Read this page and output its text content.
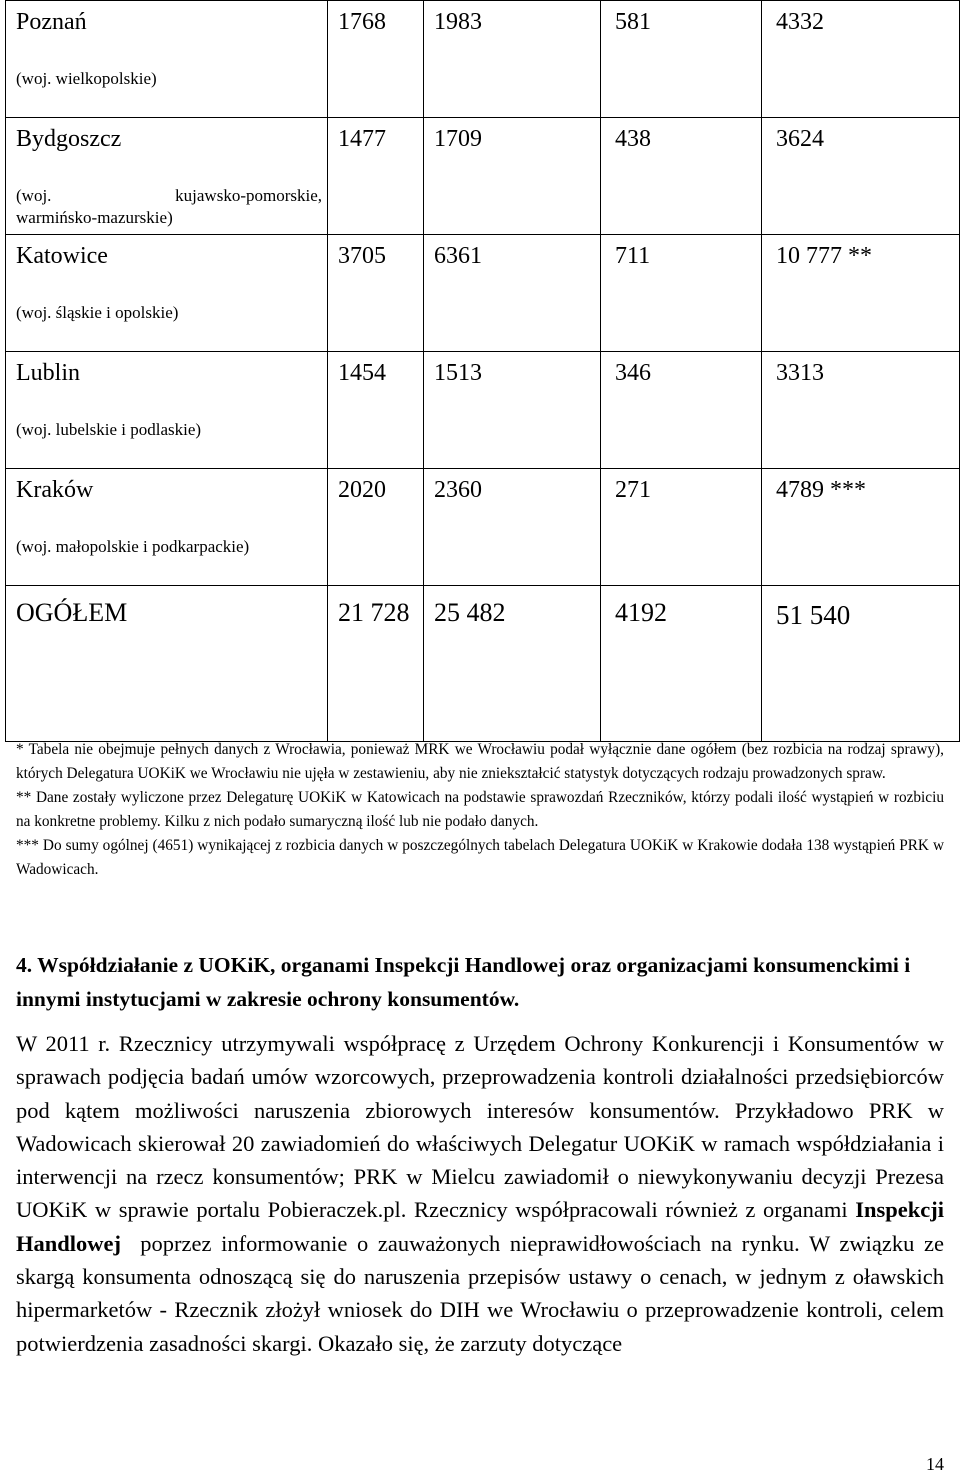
Poznań
(woj. wielkopolskie)	1768	1983	581	4332

Bydgoszcz
(woj. kujawsko-pomorskie,
warmińsko-mazurskie)	1477	1709	438	3624

Katowice
(woj. śląskie i opolskie)	3705	6361	711	10 777 **

Lublin
(woj. lubelskie i podlaskie)	1454	1513	346	3313

Kraków
(woj. małopolskie i podkarpackie)	2020	2360	271	4789 ***

OGÓŁEM	21 728	25 482	4192	51 540

* Tabela nie obejmuje pełnych danych z Wrocławia, ponieważ MRK we Wrocławiu podał wyłącznie dane ogółem (bez rozbicia na rodzaj sprawy), których Delegatura UOKiK we Wrocławiu nie ujęła w zestawieniu, aby nie zniekształcić statystyk dotyczących rodzaju prowadzonych spraw.

** Dane zostały wyliczone przez Delegaturę UOKiK w Katowicach na podstawie sprawozdań Rzeczników, którzy podali ilość wystąpień w rozbiciu na konkretne problemy. Kilku z nich podało sumaryczną ilość lub nie podało danych.

*** Do sumy ogólnej (4651) wynikającej z rozbicia danych w poszczególnych tabelach Delegatura UOKiK w Krakowie dodała 138 wystąpień PRK w Wadowicach.

4. Współdziałanie z UOKiK, organami Inspekcji Handlowej oraz organizacjami konsumenckimi i innymi instytucjami w zakresie ochrony konsumentów.

W 2011 r. Rzecznicy utrzymywali współpracę z Urzędem Ochrony Konkurencji i Konsumentów w sprawach podjęcia badań umów wzorcowych, przeprowadzenia kontroli działalności przedsiębiorców pod kątem możliwości naruszenia zbiorowych interesów konsumentów. Przykładowo PRK w Wadowicach skierował 20 zawiadomień do właściwych Delegatur UOKiK w ramach współdziałania i interwencji na rzecz konsumentów; PRK w Mielcu zawiadomił o niewykonywaniu decyzji Prezesa UOKiK w sprawie portalu Pobieraczek.pl. Rzecznicy współpracowali również z organami Inspekcji Handlowej  poprzez informowanie o zauważonych nieprawidłowościach na rynku. W związku ze skargą konsumenta odnoszącą się do naruszenia przepisów ustawy o cenach, w jednym z oławskich hipermarketów - Rzecznik złożył wniosek do DIH we Wrocławiu o przeprowadzenie kontroli, celem potwierdzenia zasadności skargi. Okazało się, że zarzuty dotyczące

14
